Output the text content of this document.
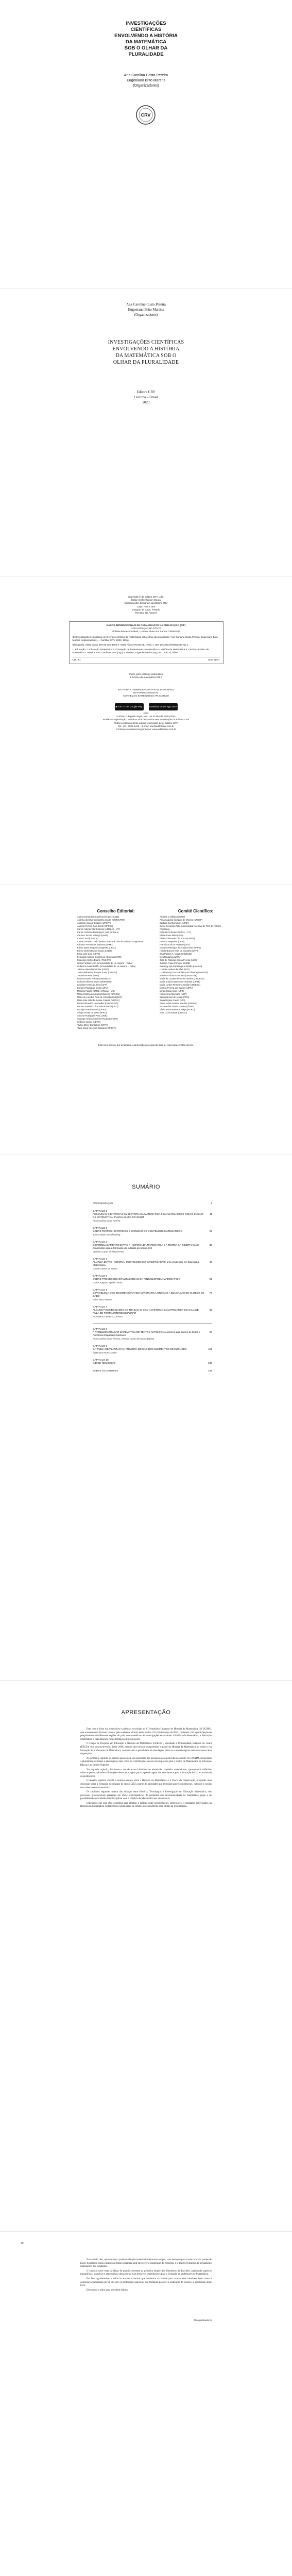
INVESTIGAÇÕES
CIENTÍFICAS
ENVOLVENDO A HISTÓRIA
DA MATEMÁTICA
SOB O OLHAR DA
PLURALIDADE
Ana Carolina Costa Pereira
Eugeniano Brito Martins
(Organizadores)
CRV
Ana Carolina Costa Pereira
Eugeniano Brito Martins
(Organizadores)
INVESTIGAÇÕES CIENTÍFICAS
ENVOLVENDO A HISTÓRIA
DA MATEMÁTICA SOB O
OLHAR DA PLURALIDADE
Editora CRV
Curitiba – Brasil
2023
Copyright © da Editora CRV Ltda.
Editor-chefe: Railson Moura
Diagramação: Designers da Editora CRV
Capa: Foto e arte
Imagem de Capa: Freepik
Revisão: Os Autores
DADOS INTERNACIONAIS DE CATALOGAÇÃO NA PUBLICAÇÃO (CIP)
CATALOGAÇÃO NA FONTE
Bibliotecária responsável: Luzenira Alves dos Santos CRB9/1506
I62 Investigações científicas envolvendo a história da matemática sob o olhar da pluralidade / Ana Carolina Costa Pereira, Eugeniano Brito Martins (organizadores). – Curitiba: CRV, 2023. 196 p.
Bibliografia. ISBN Digital 978-65-251-4758-4. ISBN Físico 978-65-251-4762-1. DOI 10.24824/978652514762.1
1. Educação 2. Educação Matemática 3. Formação de Professores – Matemática 4. História da Matemática 5. Ensino – Ensino de Matemática I. Pereira, Ana Carolina Costa (org.) II. Martins, Eugeniano Brito (org.) III. Título IV. Série
CDU 51	CDD 510.7
Índice para catálogo sistemático
1. Ensino da matemática 510.7
ESTA OBRA TAMBÉM ENCONTRA-SE DISPONÍVEL
EM FORMATO DIGITAL.
CONHEÇA E BAIXE NOSSO APLICATIVO!
▶ GET IT ON Google Play	Download on the App Store
2023
Foi feito o depósito legal conf. Lei 10.994 de 14/12/2004
Proibida a reprodução parcial ou total desta obra sem autorização da Editora CRV
Todos os direitos desta edição reservados pela: Editora CRV
Tel.: (41) 3029-6416 – E-mail: sac@editoracrv.com.br
Conheça os nossos lançamentos: www.editoracrv.com.br
Conselho Editorial:

Aldira Guimarães Duarte Domínguez (UNB)

Andréia da Silva Quintanilha Sousa (UNIR/UFRN)

Anselmo Alencar Colares (UFOPA)

Antônio Pereira Gaio Júnior (UFRRJ)

Carlos Alberto Vilar Estêvão (UMINHO – PT)

Carlos Federico Dominguez Avila (Unieuro)

Carmen Tereza Velanga (UNIR)

Celso Conti (UFSCar)

Cesar Gerónimo Tello (Univer. Nacional Três de Febrero – Argentina)

Eduardo Fernandes Barbosa (UFMG)

Elione Maria Nogueira Diogenes (UFAL)

Elizeu Clementino de Souza (UNEB)

Élsio José Corá (UFFS)

Fernando Antônio Gonçalves Alcoforado (IPB)

Francisco Carlos Duarte (PUC-PR)

Gloria Fariñas León (Universidade de La Havana – Cuba)

Guillermo Arias Beatón (Universidade de La Havana – Cuba)

Jailson Alves dos Santos (UFRJ)

João Adalberto Campato Junior (UNESP)

Josania Portela (UFPI)

Leonel Severo Rocha (UNISINOS)

Lídia de Oliveira Xavier (UNIEURO)

Lourdes Helena da Silva (UFV)

Luciano Rodrigues Costa (UFV)

Marcelo Paixão (UFRJ e UTexas – US)

Maria Cristina dos Santos Bezerra (UFSCar)

Maria de Lourdes Pinto de Almeida (UNOESC)

Maria Lília Imbiriba Sousa Colares (UFOPA)

Paulo Romualdo Hernandes (UNIFAL-MG)

Renato Francisco dos Santos Paula (UFG)

Rodrigo Pratte-Santos (UFES)

Sérgio Nunes de Jesus (IFRO)

Simone Rodrigues Pinto (UNB)

Solange Helena Ximenes-Rocha (UFOPA)

Sydione Santos (UEPG)

Tadeu Oliver Gonçalves (UFPA)

Tania Suely Azevedo Brasileiro (UFOPA)

Comitê Científico:

Andréia N. Militão (UEMS)

Anna Augusta Sampaio de Oliveira (UNESP)

Barbara Coelho Neves (UFBA)

Cesar Gerónimo Tello (Universidad Nacional de Três de Febrero – Argentina)

Diosnel Centurion (UNIDA – PY)

Eliane Rose Maio (UEM)

Elizeu Clementino de Souza (UNEB)

Fauston Negreiros (UFPI)

Francisco Ari de Andrade (UFC)

Gustavo Henrique de Araújo Freire (UFPE)

Helder Buenos Aires de Carvalho (UFPI)

Ilma Passos A. Veiga (UNICEUB)

Inês Bragança (UERJ)

José de Ribamar Sousa Pereira (UCB)

Jussara Fraga Portugal (UNEB)

Kilwangy Kya Kapitango-a-Samba (Unemat)

Lourdes Helena da Silva (UFV)

Lucia Marisy Souza Ribeiro de Oliveira (UNIVASF)

Marcos Vinicius Francisco (UNOESTE)

Maria de Lourdes Pinto de Almeida (UNOESC)

Maria Eurácia Barreto de Andrade (UFRB)

Maria Lurdes Pinto de Almeida (UNOESC)

Mônica Pereira dos Santos (UFRJ)

Mirian Fábia Alves (UFG)

Nilson José Machado (USP)

Sérgio Nunes de Jesus (IFRO)

Silvia Regina Canan (URI)

Sonia Maria Ferreira Koehler (UNISAL)

Suzana dos Santos Gomes (UFMG)

Vânia Alves Martins Chaigar (FURG)

Vera Lucia Gaspar (UDESC)

Este livro passou por avaliação e aprovação às cegas de dois ou mais pareceristas ad hoc.
SUMÁRIO
APRESENTAÇÃO	9
CAPÍTULO 1
PESQUISAS CIENTÍFICAS EM HISTÓRIA DA MATEMÁTICA E SUAS RELAÇÕES COM O ENSINO DE MATEMÁTICA: PLURALIDADE DO GEHM
11
Ana Carolina Costa Pereira
CAPÍTULO 2
SOBRE TEXTOS HISTÓRICOS E O ENSINO DE CONTEÚDOS MATEMÁTICOS	23
João Cláudio Brandemberg
CAPÍTULO 3
O ENTRELAÇAMENTO ENTRE A HISTÓRIA DA MATEMÁTICA E A TEORIA DA OBJETIVAÇÃO: construção para a formação do cidadão do século XXI
35
Verônica Lopes de Nascimento
CAPÍTULO 4
ALIANÇA ENTRE HISTÓRIA, TECNOLOGIAS E INVESTIGAÇÃO: uma incidência em Educação Matemática
47
Isabel Cristina de Souza
CAPÍTULO 5
SOBRE PROCESSOS GRAVITACIONAIS DA "ENCICLOPÉDIA MATEMÁTICA"	59
Carlos Augusto Aguilar Junior
CAPÍTULO 6
O PROBLEMA DOS INCOMENSURÁVEIS MATEMÁTICA GREGA E A EDUCAÇÃO DE GLOBOE DE CABO
73
Fábio Maia Bertato
CAPÍTULO 7
ALGUNS POSSIBILIDADES DE TRABALHO COM A HISTÓRIA DA MATEMÁTICA EM SALA DE AULA DE FORMA INTERDISCIPLINAR
85
Ana Mônica Almeida Cardoso
CAPÍTULO 8
A PROBLEMATIZAÇÃO MATEMÁTICA DE TEXTOS ANTIGOS: o exercício das pontes de Euler e Princípios Espaciais Coletivos
97
Ana Carolina Costa Pereira, Antonia Naiara de Sousa Batista
CAPÍTULO 9
DA TABUA DE PLANTÃO NA PRIMEIRA EDIÇÃO DOS ELEMENTOS DE EUCLIDES	115
Eugeniano Brito Martins
CAPÍTULO 10
ÍNDICE REMISSIVO	189
SOBRE OS AUTORES	191
APRESENTAÇÃO

Este livro é fruto das discussões e palestras ocorridas no VI Seminário Cearense de História da Matemática (VI SCHM), que aconteceu em formato remoto, pelo ambiente virtual, entre os dias 24 e 26 de março de 2022, contando com a participação de pesquisadores de diferentes regiões do país, que se dedicam às investigações envolvendo a História da Matemática, a Educação Matemática e suas relações com a formação de professores.

O Grupo de Pesquisa em Educação e História da Matemática (GPEHM), vinculado à Universidade Estadual do Ceará (UECE), vem desenvolvendo, desde 2008, estudos que buscam compreender o papel da História da Matemática no ensino e na formação de professores de Matemática, considerando a pluralidade de abordagens teóricas e metodológicas existentes nessa área de pesquisa.

No primeiro capítulo, os autores apresentam um panorama das pesquisas desenvolvidas no âmbito do GPEHM, destacando a pluralidade de temas e abordagens, bem como as contribuições dessas investigações para o ensino de Matemática na Educação Básica e no Ensino Superior.

No segundo capítulo, discute-se o uso de textos históricos no ensino de conteúdos matemáticos, apresentando reflexões sobre as potencialidades e limitações dessa abordagem para a aprendizagem dos estudantes e para a formação inicial e continuada de professores.

O terceiro capítulo aborda o entrelaçamento entre a História da Matemática e a Teoria da Objetivação, propondo uma discussão sobre a formação do cidadão do século XXI a partir de atividades que articulam aspectos históricos, culturais e sociais do conhecimento matemático.

Os capítulos seguintes tratam das alianças entre História, Tecnologias e Investigação em Educação Matemática, dos processos gravitacionais presentes em obras enciclopédicas, do problema dos incomensuráveis na matemática grega e de possibilidades de trabalho interdisciplinar com a História da Matemática em sala de aula.

Esperamos que esta obra contribua para ampliar o diálogo entre pesquisadores, professores e estudantes interessados na História da Matemática, fortalecendo a pluralidade de olhares que caracteriza esse campo de investigação.

10

No capítulo oito, apresenta-se a problematização matemática de textos antigos, com destaque para o exercício das pontes de Euler, discutindo como a leitura de fontes originais pode favorecer a construção de conceitos e o desenvolvimento do pensamento matemático dos estudantes.

O capítulo nove trata da tábua de plantão presente na primeira edição dos Elementos de Euclides, analisando aspectos tipográficos, históricos e matemáticos dessa obra e suas possíveis contribuições para a formação de professores de Matemática.

Por fim, agradecemos a todos os autores e autoras que aceitaram o convite para compor esta coletânea, bem como à comissão organizadora do VI SCHM e às instituições parceiras que tornaram possível a realização do evento e a publicação deste livro.

Desejamos a todos uma excelente leitura!

Os organizadores
